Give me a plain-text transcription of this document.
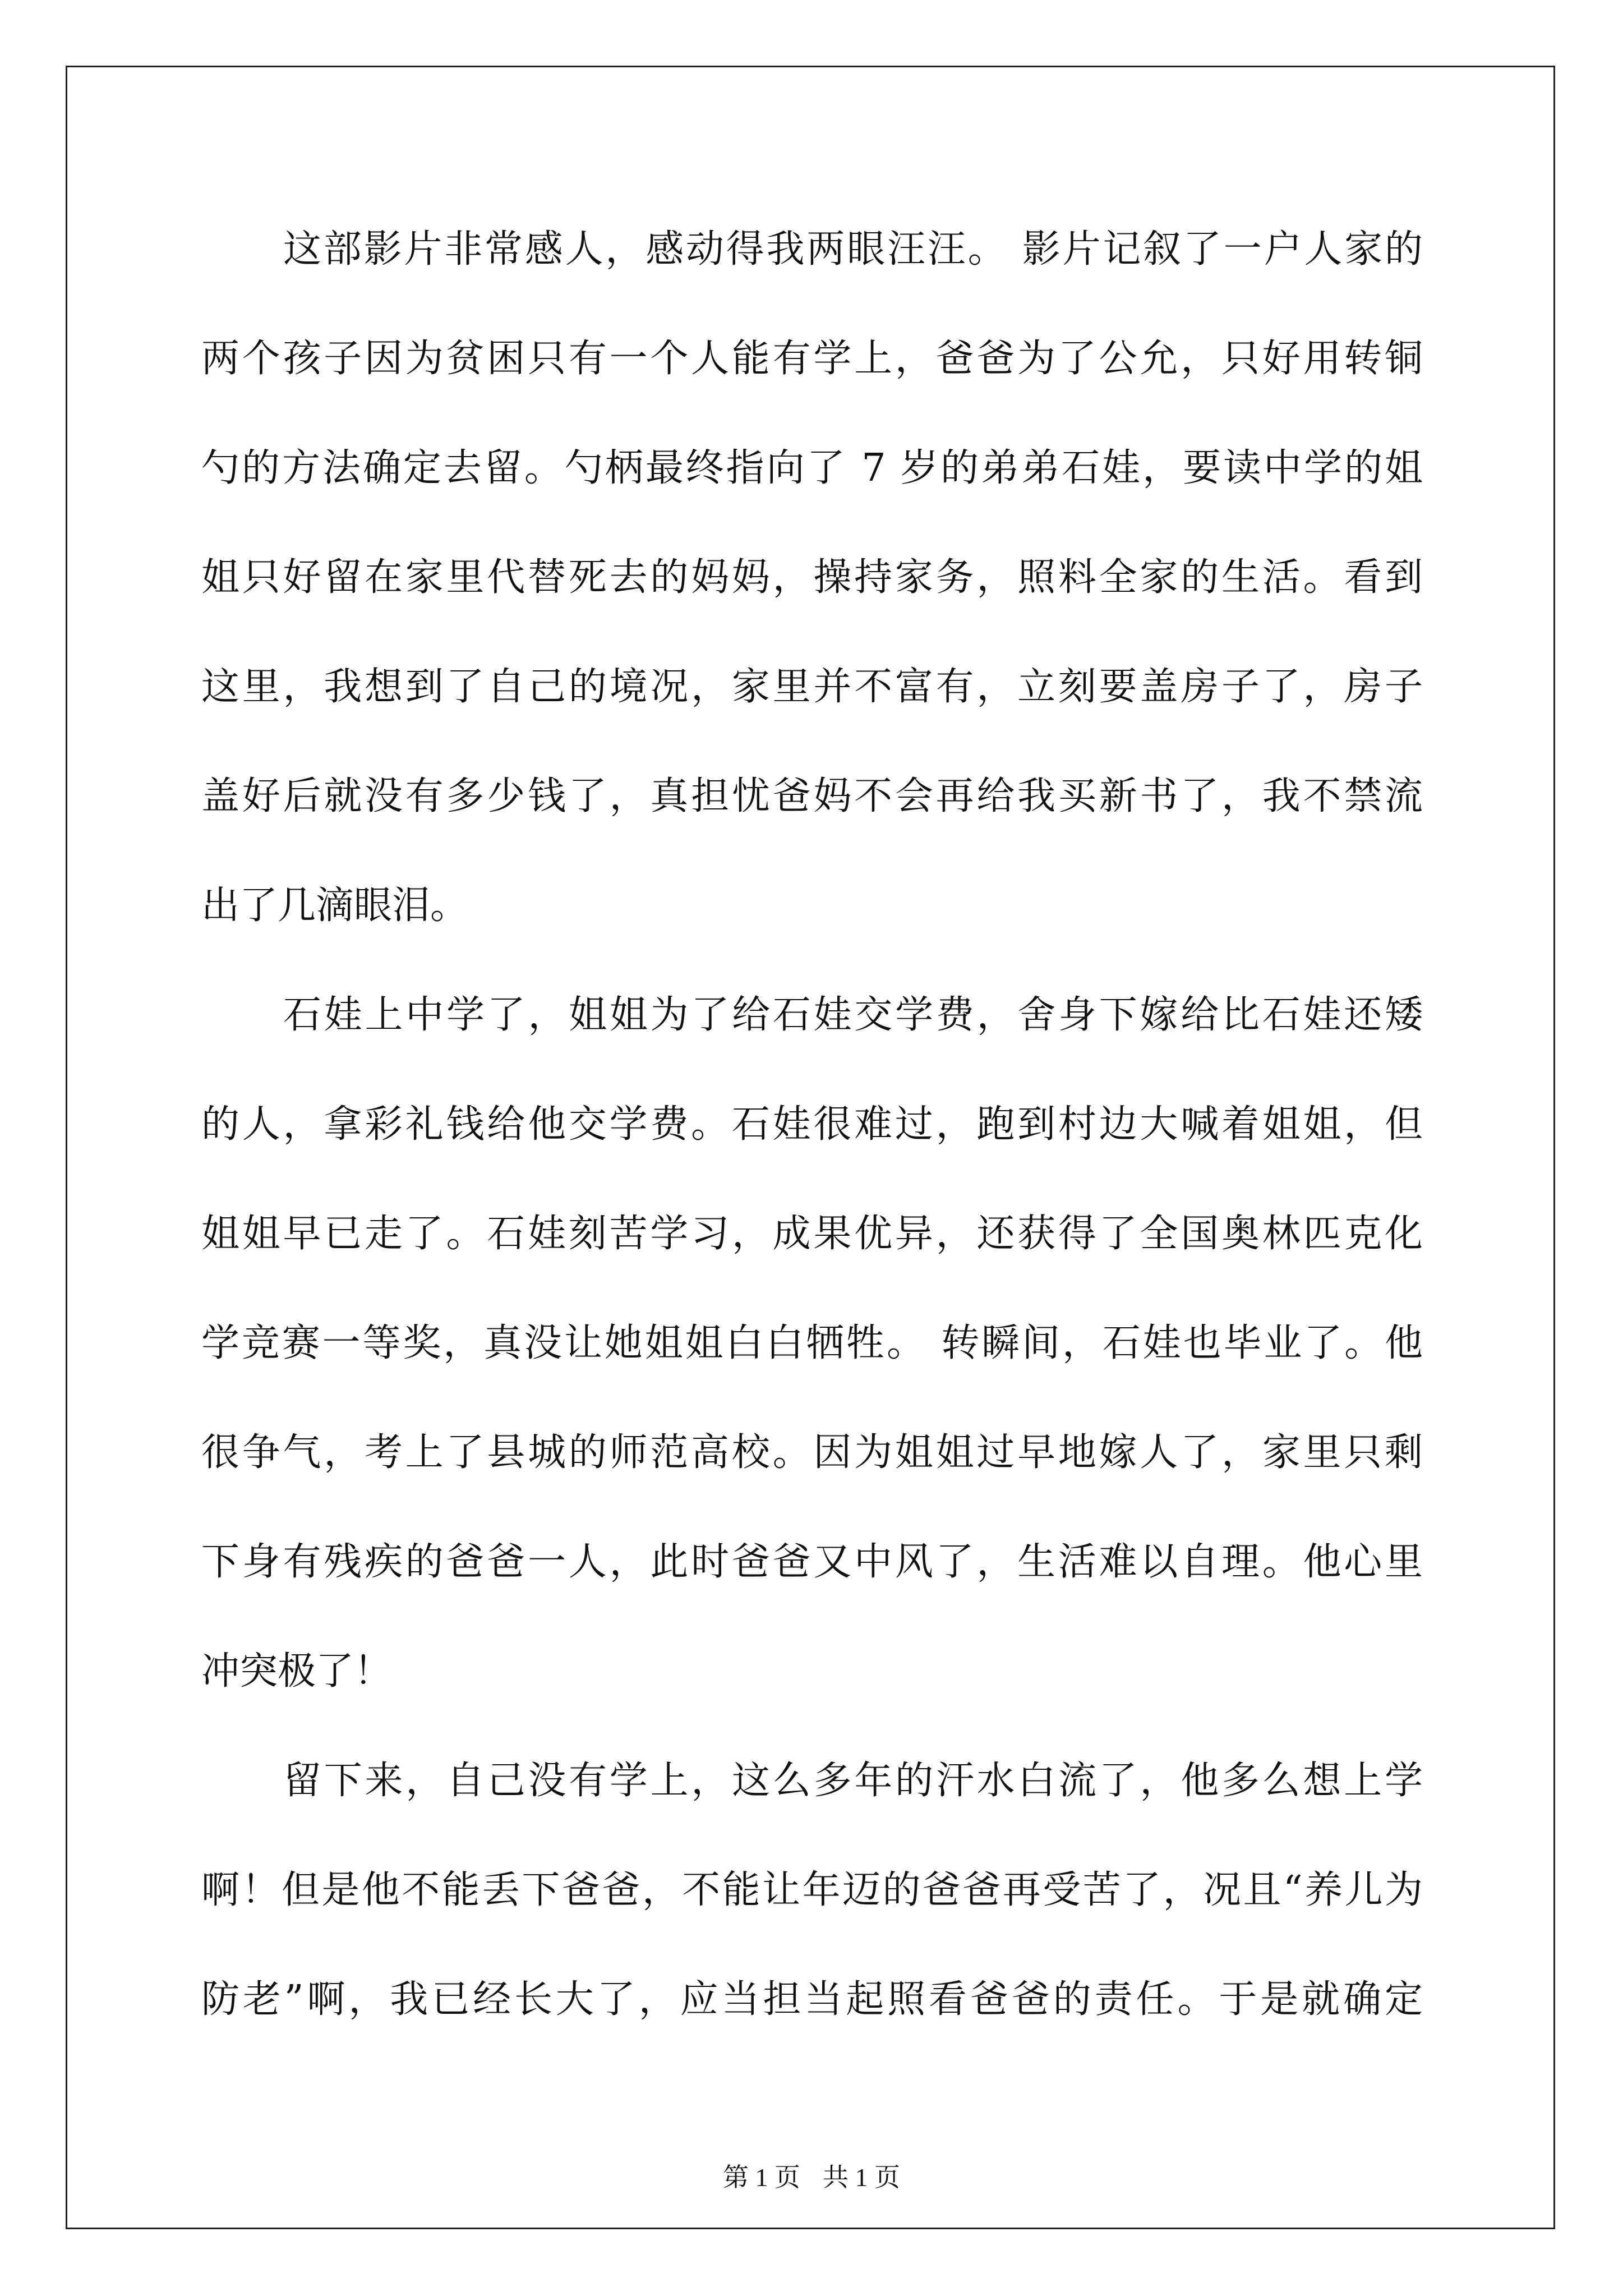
这部影片非常感人，感动得我两眼汪汪。 影片记叙了一户人家的
两个孩子因为贫困只有一个人能有学上，爸爸为了公允，只好用转铜
勺的方法确定去留。勺柄最终指向了 7 岁的弟弟石娃，要读中学的姐
姐只好留在家里代替死去的妈妈，操持家务，照料全家的生活。看到
这里，我想到了自己的境况，家里并不富有，立刻要盖房子了，房子
盖好后就没有多少钱了，真担忧爸妈不会再给我买新书了，我不禁流
出了几滴眼泪。
石娃上中学了，姐姐为了给石娃交学费，舍身下嫁给比石娃还矮
的人，拿彩礼钱给他交学费。石娃很难过，跑到村边大喊着姐姐，但
姐姐早已走了。石娃刻苦学习，成果优异，还获得了全国奥林匹克化
学竞赛一等奖，真没让她姐姐白白牺牲。 转瞬间，石娃也毕业了。他
很争气，考上了县城的师范高校。因为姐姐过早地嫁人了，家里只剩
下身有残疾的爸爸一人，此时爸爸又中风了，生活难以自理。他心里
冲突极了！
留下来，自己没有学上，这么多年的汗水白流了，他多么想上学
啊！但是他不能丢下爸爸，不能让年迈的爸爸再受苦了，况且“养儿为
防老”啊，我已经长大了，应当担当起照看爸爸的责任。于是就确定
第 1 页 共 1 页
